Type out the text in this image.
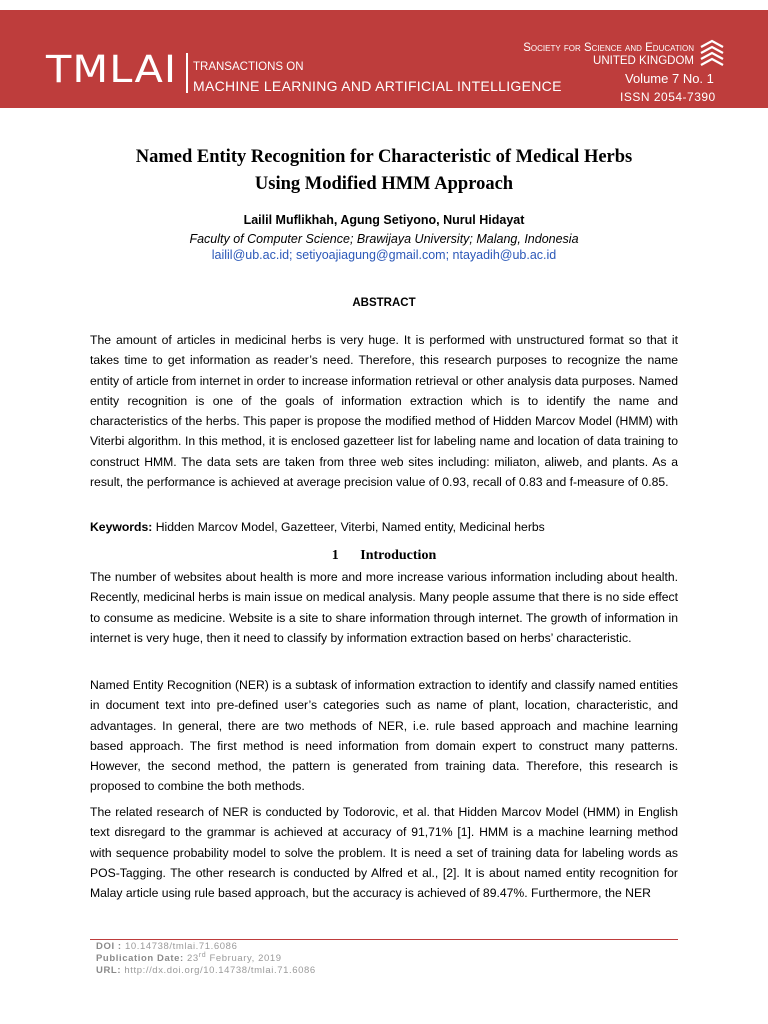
Society for Science and Education
UNITED KINGDOM
Volume 7 No. 1
ISSN 2054-7390
TMLAI TRANSACTIONS ON
MACHINE LEARNING AND ARTIFICIAL INTELLIGENCE
Named Entity Recognition for Characteristic of Medical Herbs
Using Modified HMM Approach
Lailil Muflikhah, Agung Setiyono, Nurul Hidayat
Faculty of Computer Science; Brawijaya University; Malang, Indonesia
lailil@ub.ac.id; setiyoajiagung@gmail.com; ntayadih@ub.ac.id
ABSTRACT
The amount of articles in medicinal herbs is very huge. It is performed with unstructured format so that it takes time to get information as reader’s need. Therefore, this research purposes to recognize the name entity of article from internet in order to increase information retrieval or other analysis data purposes. Named entity recognition is one of the goals of information extraction which is to identify the name and characteristics of the herbs. This paper is propose the modified method of Hidden Marcov Model (HMM) with Viterbi algorithm. In this method, it is enclosed gazetteer list for labeling name and location of data training to construct HMM. The data sets are taken from three web sites including: miliaton, aliweb, and plants. As a result, the performance is achieved at average precision value of 0.93, recall of 0.83 and f-measure of 0.85.
Keywords: Hidden Marcov Model, Gazetteer, Viterbi, Named entity, Medicinal herbs
1 Introduction
The number of websites about health is more and more increase various information including about health. Recently, medicinal herbs is main issue on medical analysis. Many people assume that there is no side effect to consume as medicine. Website is a site to share information through internet. The growth of information in internet is very huge, then it need to classify by information extraction based on herbs’ characteristic.
Named Entity Recognition (NER) is a subtask of information extraction to identify and classify named entities in document text into pre-defined user’s categories such as name of plant, location, characteristic, and advantages. In general, there are two methods of NER, i.e. rule based approach and machine learning based approach. The first method is need information from domain expert to construct many patterns. However, the second method, the pattern is generated from training data. Therefore, this research is proposed to combine the both methods.
The related research of NER is conducted by Todorovic, et al. that Hidden Marcov Model (HMM) in English text disregard to the grammar is achieved at accuracy of 91,71% [1]. HMM is a machine learning method with sequence probability model to solve the problem. It is need a set of training data for labeling words as POS-Tagging. The other research is conducted by Alfred et al., [2]. It is about named entity recognition for Malay article using rule based approach, but the accuracy is achieved of 89.47%. Furthermore, the NER
DOI : 10.14738/tmlai.71.6086
Publication Date: 23rd February, 2019
URL: http://dx.doi.org/10.14738/tmlai.71.6086
